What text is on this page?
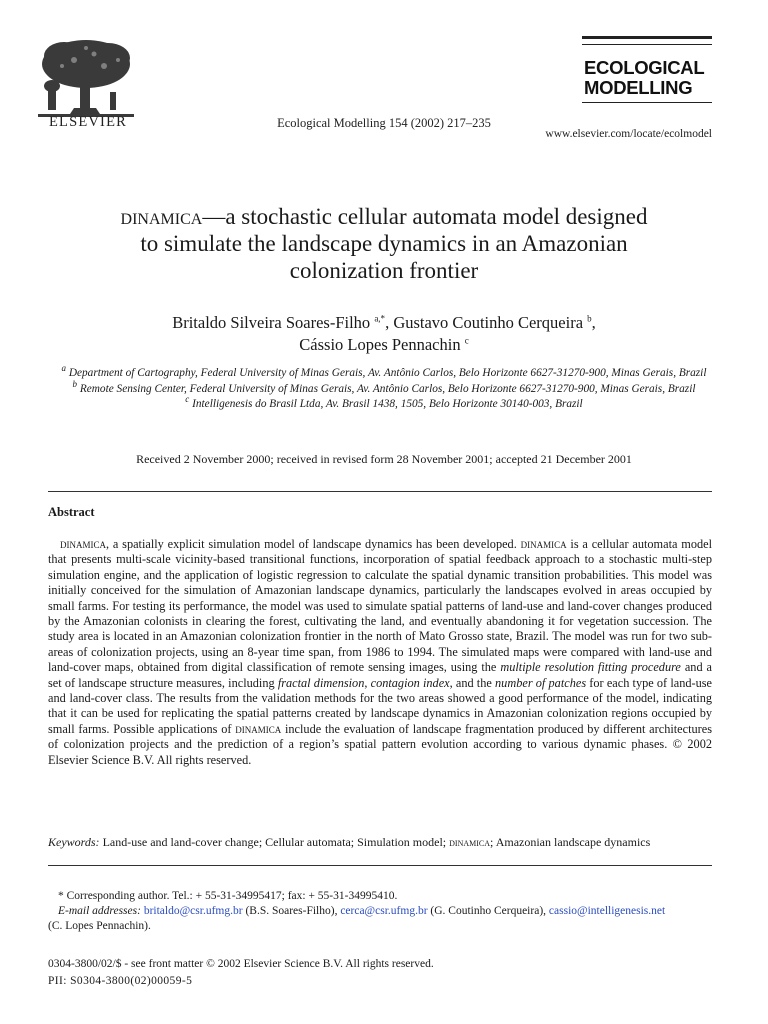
ELSEVIER	Ecological Modelling 154 (2002) 217–235
ECOLOGICAL
MODELLING
www.elsevier.com/locate/ecolmodel
dinamica—a stochastic cellular automata model designed
to simulate the landscape dynamics in an Amazonian
colonization frontier
Britaldo Silveira Soares-Filho $^{a,*}$, Gustavo Coutinho Cerqueira $^b$,
Cássio Lopes Pennachin $^c$
$^a$ Department of Cartography, Federal University of Minas Gerais, Av. Antônio Carlos, Belo Horizonte 6627-31270-900, Minas Gerais, Brazil
$^b$ Remote Sensing Center, Federal University of Minas Gerais, Av. Antônio Carlos, Belo Horizonte 6627-31270-900, Minas Gerais, Brazil
$^c$ Intelligenesis do Brasil Ltda, Av. Brasil 1438, 1505, Belo Horizonte 30140-003, Brazil
Received 2 November 2000; received in revised form 28 November 2001; accepted 21 December 2001
Abstract
dinamica, a spatially explicit simulation model of landscape dynamics has been developed. dinamica is a cellular automata model that presents multi-scale vicinity-based transitional functions, incorporation of spatial feedback approach to a stochastic multi-step simulation engine, and the application of logistic regression to calculate the spatial dynamic transition probabilities. This model was initially conceived for the simulation of Amazonian landscape dynamics, particularly the landscapes evolved in areas occupied by small farms. For testing its performance, the model was used to simulate spatial patterns of land-use and land-cover changes produced by the Amazonian colonists in clearing the forest, cultivating the land, and eventually abandoning it for vegetation succession. The study area is located in an Amazonian colonization frontier in the north of Mato Grosso state, Brazil. The model was run for two sub-areas of colonization projects, using an 8-year time span, from 1986 to 1994. The simulated maps were compared with land-use and land-cover maps, obtained from digital classification of remote sensing images, using the multiple resolution fitting procedure and a set of landscape structure measures, including fractal dimension, contagion index, and the number of patches for each type of land-use and land-cover class. The results from the validation methods for the two areas showed a good performance of the model, indicating that it can be used for replicating the spatial patterns created by landscape dynamics in Amazonian colonization regions occupied by small farms. Possible applications of dinamica include the evaluation of landscape fragmentation produced by different architectures of colonization projects and the prediction of a region’s spatial pattern evolution according to various dynamic phases. © 2002 Elsevier Science B.V. All rights reserved.
Keywords: Land-use and land-cover change; Cellular automata; Simulation model; dinamica; Amazonian landscape dynamics
* Corresponding author. Tel.: + 55-31-34995417; fax: + 55-31-34995410.
E-mail addresses: britaldo@csr.ufmg.br (B.S. Soares-Filho), cerca@csr.ufmg.br (G. Coutinho Cerqueira), cassio@intelligenesis.net
(C. Lopes Pennachin).
0304-3800/02/$ - see front matter © 2002 Elsevier Science B.V. All rights reserved.
PII: S0304-3800(02)00059-5
